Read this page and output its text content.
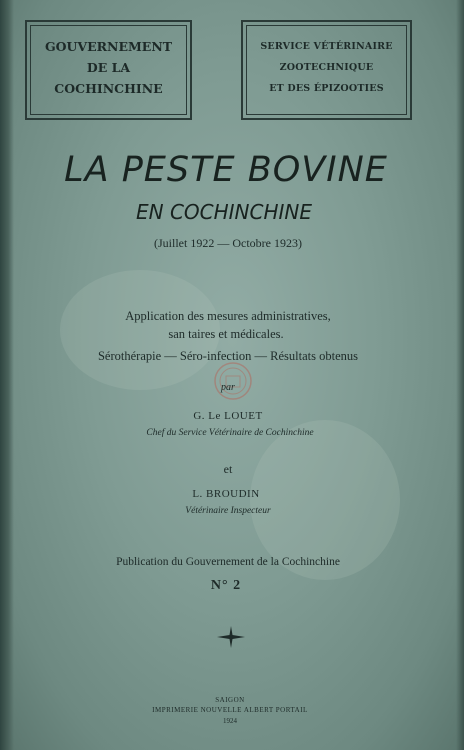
GOUVERNEMENT
DE LA
COCHINCHINE
SERVICE VÉTÉRINAIRE
ZOOTECHNIQUE
ET DES ÉPIZOOTIES
LA PESTE BOVINE
EN COCHINCHINE
(Juillet 1922 — Octobre 1923)
Application des mesures administratives,
san taires et médicales.
Sérothérapie — Séro-infection — Résultats obtenus
par
G. Le LOUET
Chef du Service Vétérinaire de Cochinchine
et
L. BROUDIN
Vétérinaire Inspecteur
Publication du Gouvernement de la Cochinchine
N° 2
SAIGON
IMPRIMERIE NOUVELLE ALBERT PORTAIL
1924
